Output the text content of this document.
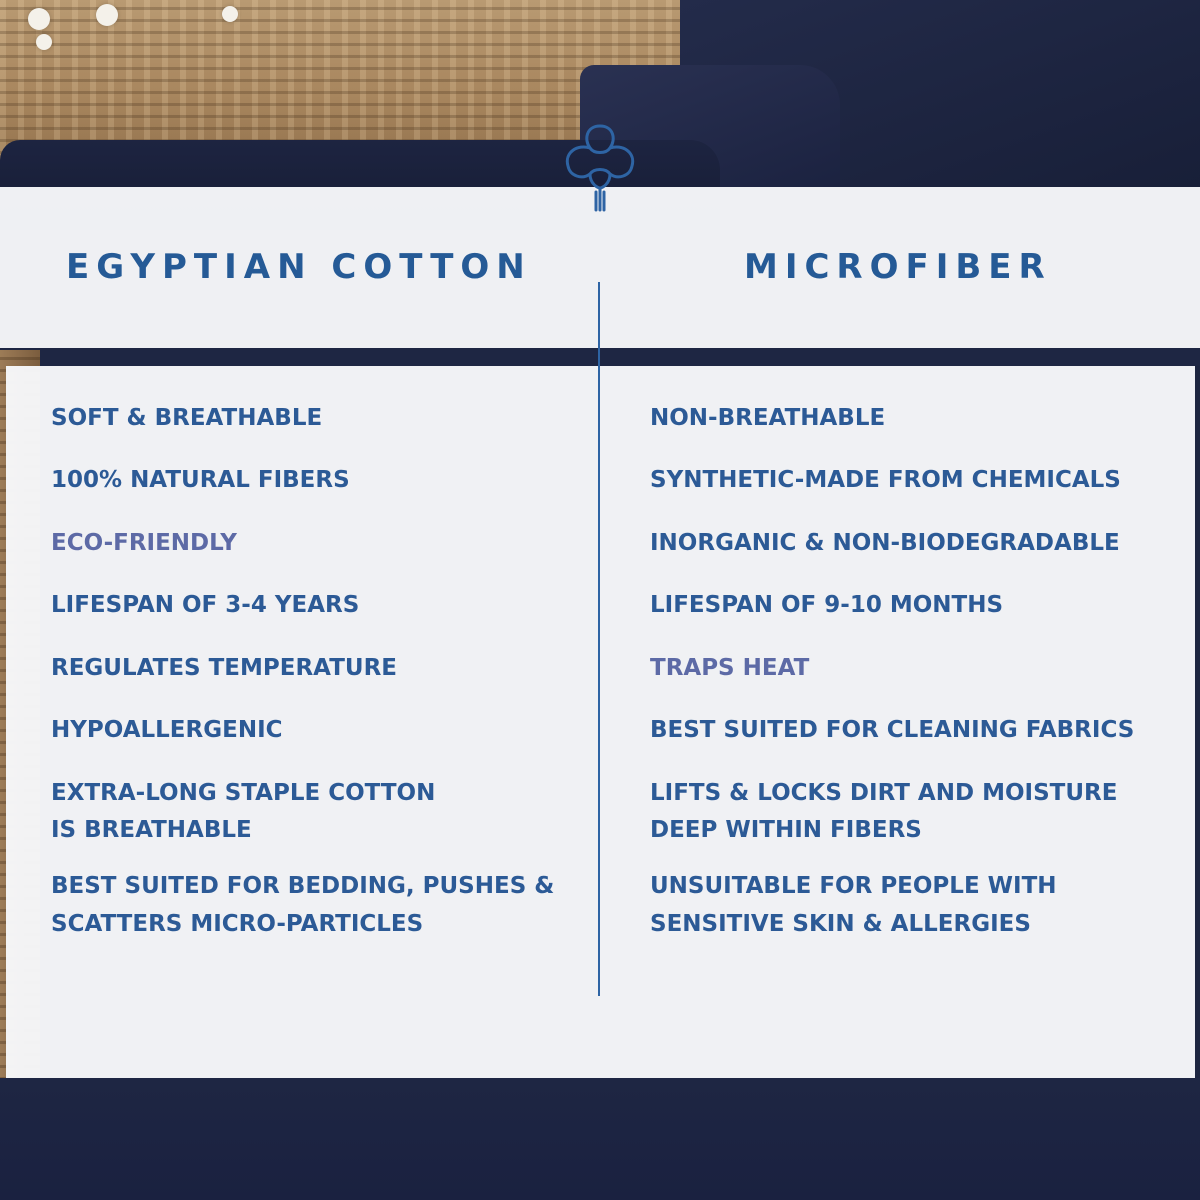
EGYPTIAN COTTON	MICROFIBER

SOFT & BREATHABLE

100% NATURAL FIBERS

ECO-FRIENDLY

LIFESPAN OF 3-4 YEARS

REGULATES TEMPERATURE

HYPOALLERGENIC

EXTRA-LONG STAPLE COTTON

IS BREATHABLE

BEST SUITED FOR BEDDING, PUSHES &

SCATTERS MICRO-PARTICLES

NON-BREATHABLE

SYNTHETIC-MADE FROM CHEMICALS

INORGANIC & NON-BIODEGRADABLE

LIFESPAN OF 9-10 MONTHS

TRAPS HEAT

BEST SUITED FOR CLEANING FABRICS

LIFTS & LOCKS DIRT AND MOISTURE

DEEP WITHIN FIBERS

UNSUITABLE FOR PEOPLE WITH

SENSITIVE SKIN & ALLERGIES
